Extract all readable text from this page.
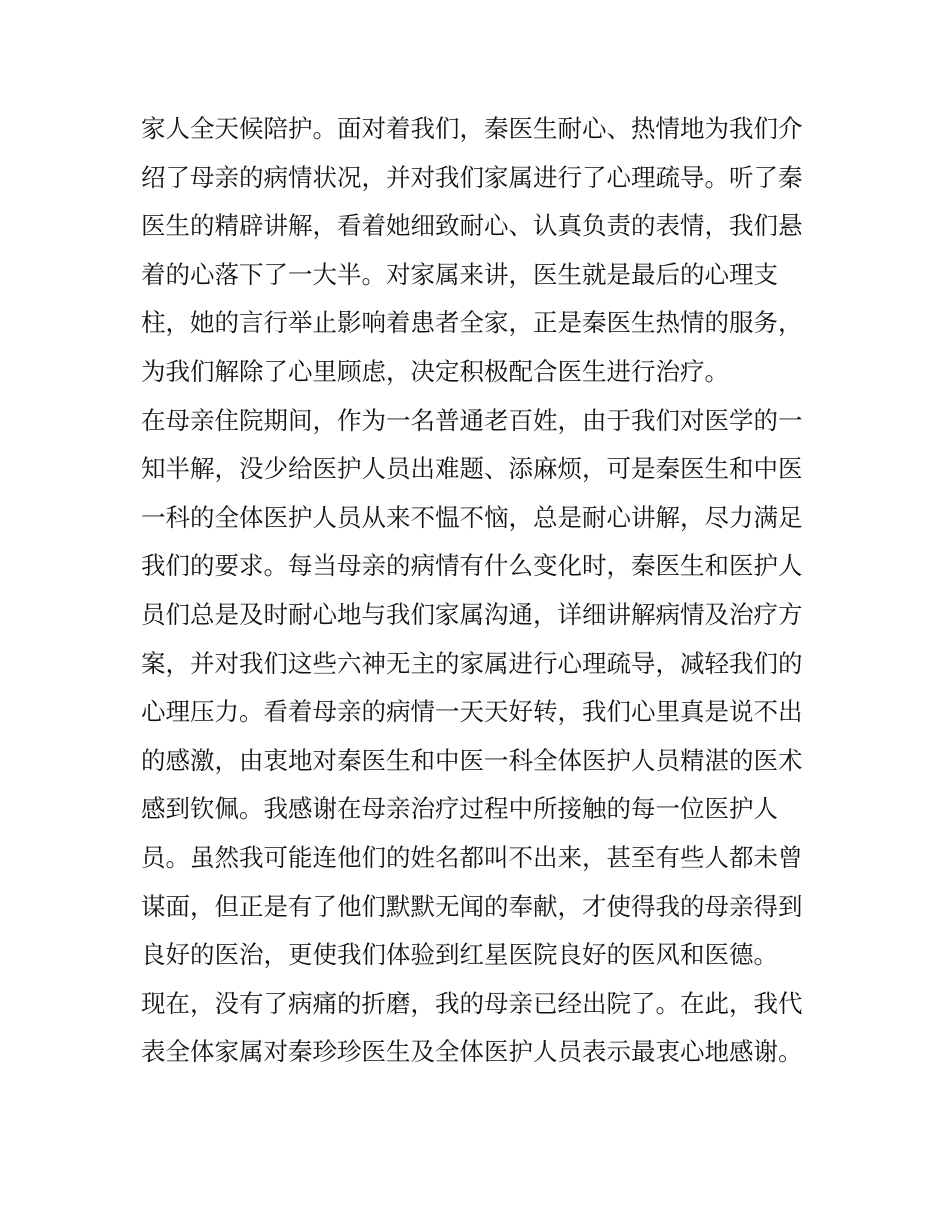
家人全天候陪护。面对着我们，秦医生耐心、热情地为我们介
绍了母亲的病情状况，并对我们家属进行了心理疏导。听了秦
医生的精辟讲解，看着她细致耐心、认真负责的表情，我们悬
着的心落下了一大半。对家属来讲，医生就是最后的心理支
柱，她的言行举止影响着患者全家，正是秦医生热情的服务，
为我们解除了心里顾虑，决定积极配合医生进行治疗。
在母亲住院期间，作为一名普通老百姓，由于我们对医学的一
知半解，没少给医护人员出难题、添麻烦，可是秦医生和中医
一科的全体医护人员从来不愠不恼，总是耐心讲解，尽力满足
我们的要求。每当母亲的病情有什么变化时，秦医生和医护人
员们总是及时耐心地与我们家属沟通，详细讲解病情及治疗方
案，并对我们这些六神无主的家属进行心理疏导，减轻我们的
心理压力。看着母亲的病情一天天好转，我们心里真是说不出
的感激，由衷地对秦医生和中医一科全体医护人员精湛的医术
感到钦佩。我感谢在母亲治疗过程中所接触的每一位医护人
员。虽然我可能连他们的姓名都叫不出来，甚至有些人都未曾
谋面，但正是有了他们默默无闻的奉献，才使得我的母亲得到
良好的医治，更使我们体验到红星医院良好的医风和医德。
现在，没有了病痛的折磨，我的母亲已经出院了。在此，我代
表全体家属对秦珍珍医生及全体医护人员表示最衷心地感谢。
